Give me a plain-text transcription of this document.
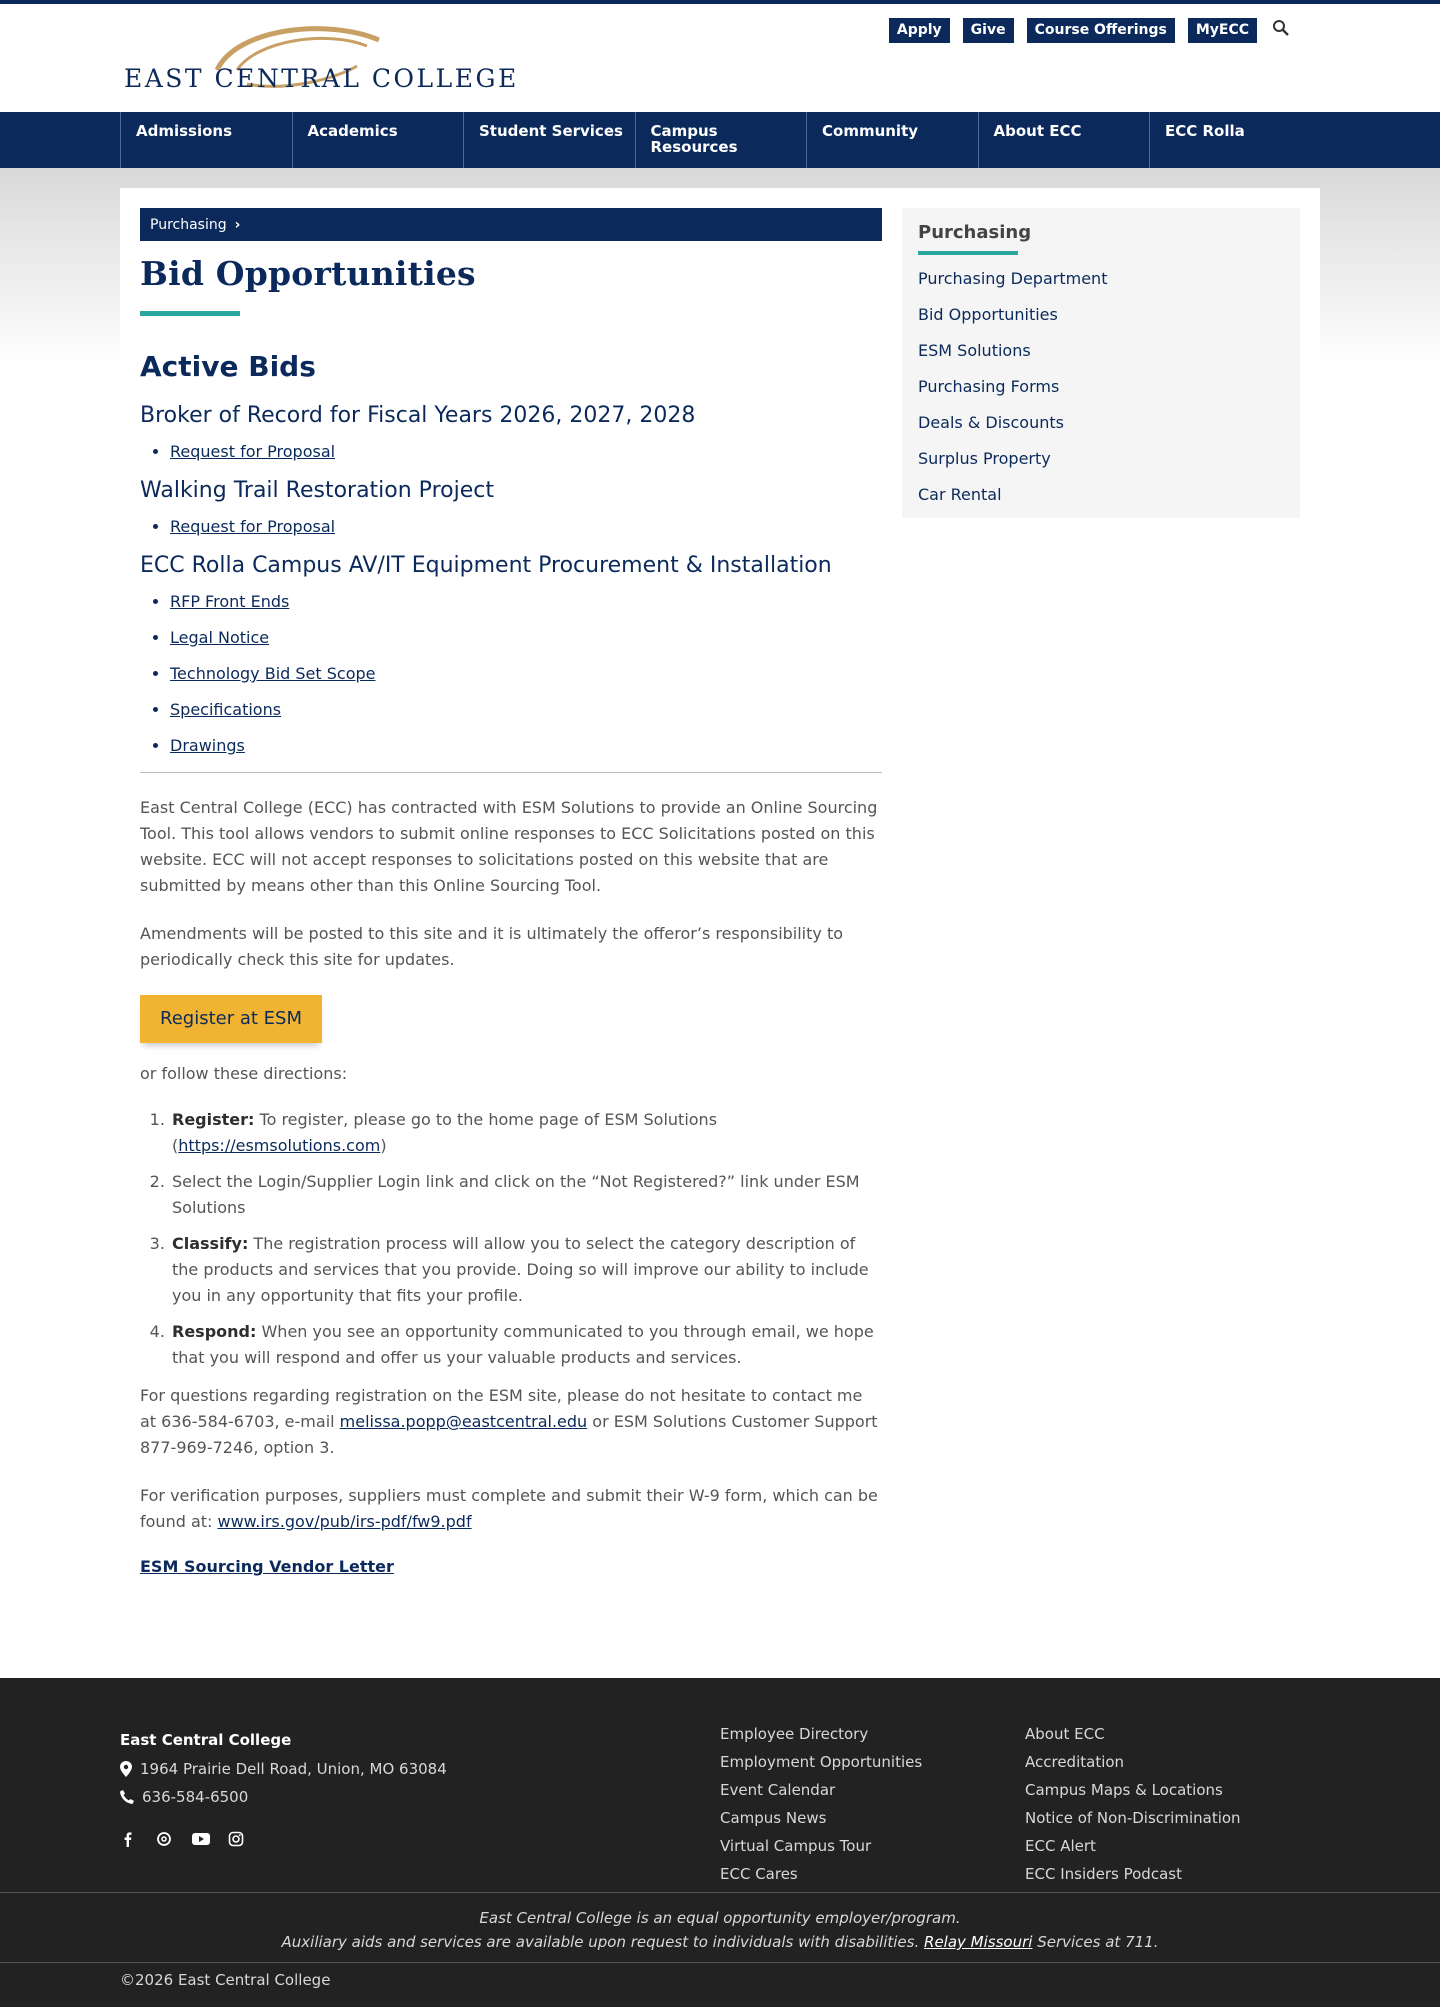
EAST CENTRAL COLLEGE
Apply	Give	Course Offerings	MyECC
Admissions	Academics	Student Services	Campus Resources
Community	About ECC	ECC Rolla
Purchasing ›
Bid Opportunities
Active Bids
Broker of Record for Fiscal Years 2026, 2027, 2028
• Request for Proposal
Walking Trail Restoration Project
• Request for Proposal
ECC Rolla Campus AV/IT Equipment Procurement & Installation
• RFP Front Ends
• Legal Notice
• Technology Bid Set Scope
• Specifications
• Drawings

East Central College (ECC) has contracted with ESM Solutions to provide an Online Sourcing Tool. This tool allows vendors to submit online responses to ECC Solicitations posted on this website. ECC will not accept responses to solicitations posted on this website that are submitted by means other than this Online Sourcing Tool.

Amendments will be posted to this site and it is ultimately the offeror’s responsibility to periodically check this site for updates.

Register at ESM

or follow these directions:

1. Register: To register, please go to the home page of ESM Solutions (https://esmsolutions.com)
2. Select the Login/Supplier Login link and click on the “Not Registered?” link under ESM Solutions
3. Classify: The registration process will allow you to select the category description of the products and services that you provide. Doing so will improve our ability to include you in any opportunity that fits your profile.
4. Respond: When you see an opportunity communicated to you through email, we hope that you will respond and offer us your valuable products and services.

For questions regarding registration on the ESM site, please do not hesitate to contact me at 636-584-6703, e-mail melissa.popp@eastcentral.edu or ESM Solutions Customer Support 877-969-7246, option 3.

For verification purposes, suppliers must complete and submit their W-9 form, which can be found at: www.irs.gov/pub/irs-pdf/fw9.pdf

ESM Sourcing Vendor Letter
Purchasing
Purchasing Department
Bid Opportunities
ESM Solutions
Purchasing Forms
Deals & Discounts
Surplus Property
Car Rental
East Central College
1964 Prairie Dell Road, Union, MO 63084
636-584-6500
Employee Directory
Employment Opportunities
Event Calendar
Campus News
Virtual Campus Tour
ECC Cares
About ECC
Accreditation
Campus Maps & Locations
Notice of Non-Discrimination
ECC Alert
ECC Insiders Podcast
East Central College is an equal opportunity employer/program.
Auxiliary aids and services are available upon request to individuals with disabilities. Relay Missouri Services at 711.
©2026 East Central College
